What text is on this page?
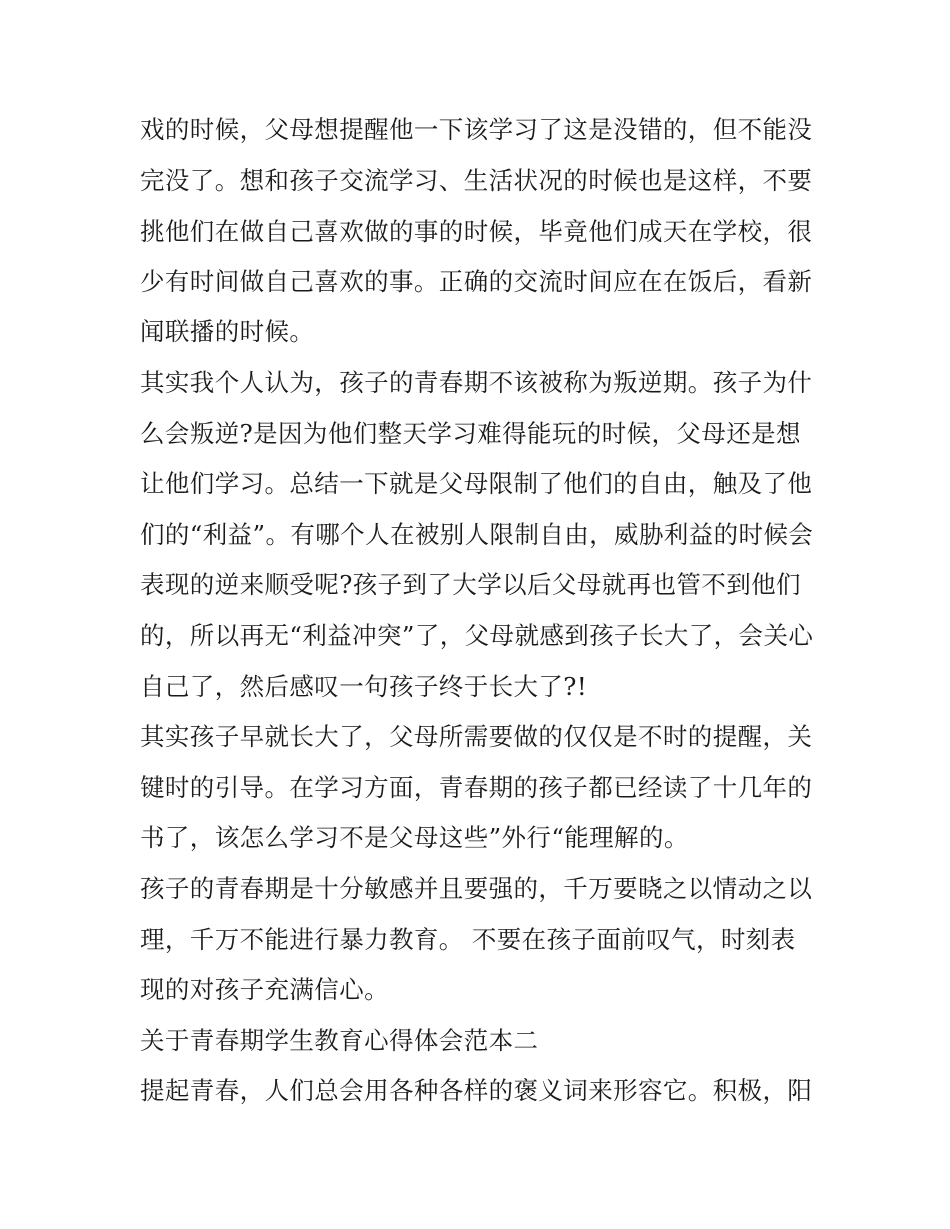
戏的时候，父母想提醒他一下该学习了这是没错的，但不能没
完没了。想和孩子交流学习、生活状况的时候也是这样，不要
挑他们在做自己喜欢做的事的时候，毕竟他们成天在学校，很
少有时间做自己喜欢的事。正确的交流时间应在在饭后，看新
闻联播的时候。
其实我个人认为，孩子的青春期不该被称为叛逆期。孩子为什
么会叛逆?是因为他们整天学习难得能玩的时候，父母还是想
让他们学习。总结一下就是父母限制了他们的自由，触及了他
们的“利益”。有哪个人在被别人限制自由，威胁利益的时候会
表现的逆来顺受呢?孩子到了大学以后父母就再也管不到他们
的，所以再无“利益冲突”了，父母就感到孩子长大了，会关心
自己了，然后感叹一句孩子终于长大了?!
其实孩子早就长大了，父母所需要做的仅仅是不时的提醒，关
键时的引导。在学习方面，青春期的孩子都已经读了十几年的
书了，该怎么学习不是父母这些”外行“能理解的。
孩子的青春期是十分敏感并且要强的，千万要晓之以情动之以
理，千万不能进行暴力教育。 不要在孩子面前叹气，时刻表
现的对孩子充满信心。
关于青春期学生教育心得体会范本二
提起青春，人们总会用各种各样的褒义词来形容它。积极，阳
